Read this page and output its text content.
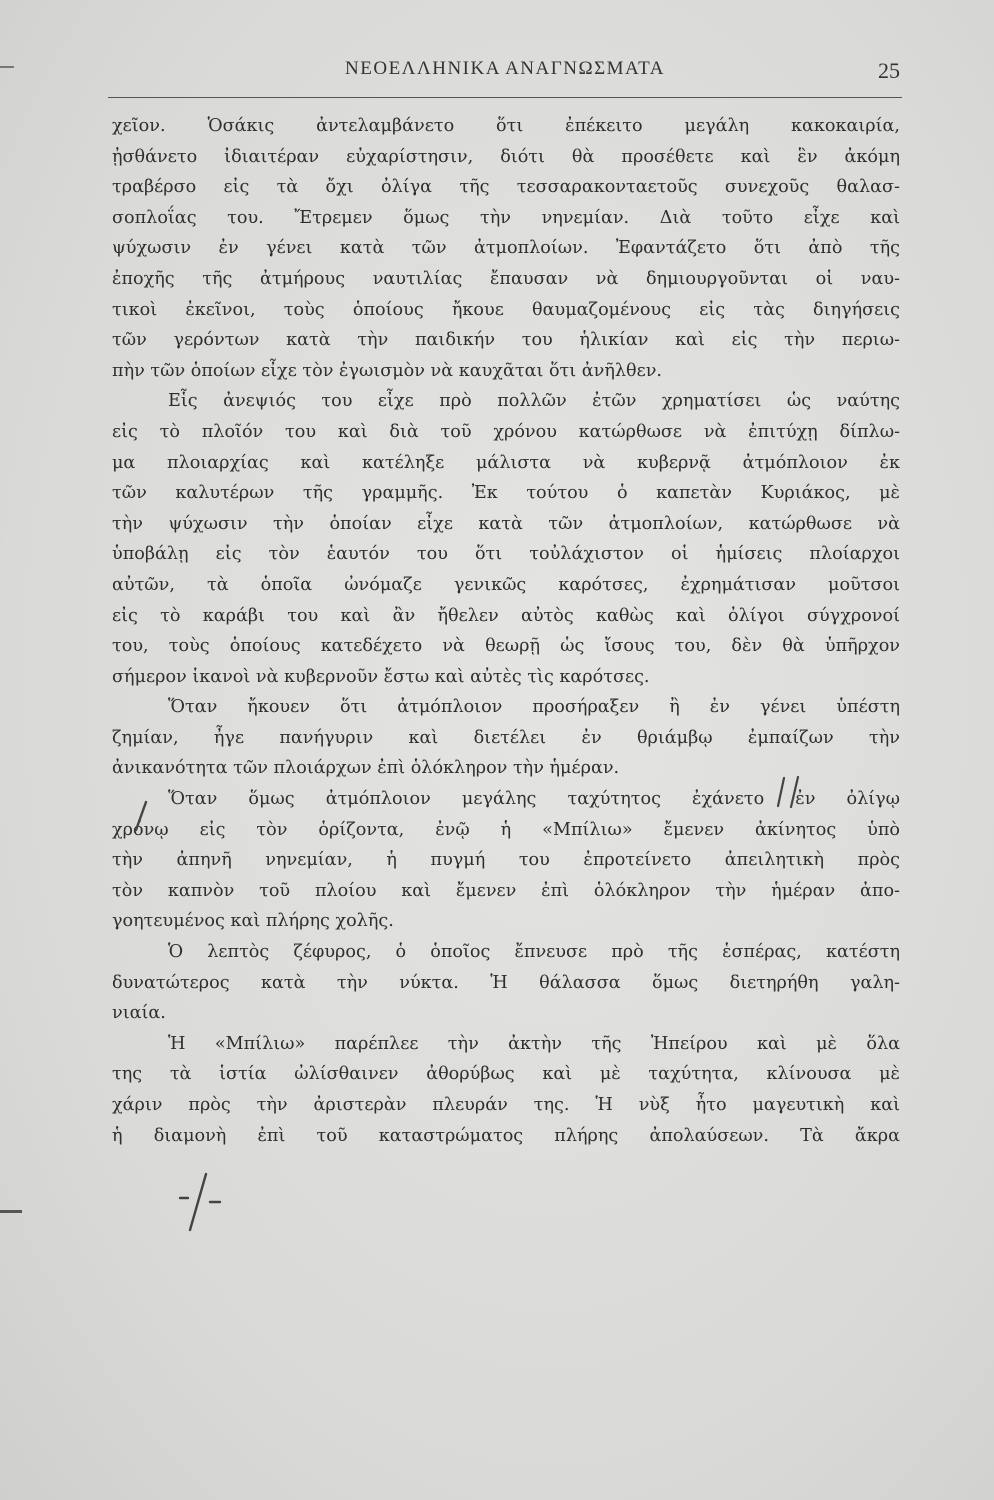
ΝΕΟΕΛΛΗΝΙΚΑ ΑΝΑΓΝΩΣΜΑΤΑ	25
χεῖον. Ὁσάκις ἀντελαμβάνετο ὅτι ἐπέκειτο μεγάλη κακοκαιρία,
ᾐσθάνετο ἰδιαιτέραν εὐχαρίστησιν, διότι θὰ προσέθετε καὶ ἓν ἀκόμη
τραβέρσο εἰς τὰ ὄχι ὀλίγα τῆς τεσσαρακονταετοῦς συνεχοῦς θαλασ-
σοπλοΐας του. Ἔτρεμεν ὅμως τὴν νηνεμίαν. Διὰ τοῦτο εἶχε καὶ
ψύχωσιν ἐν γένει κατὰ τῶν ἀτμοπλοίων. Ἐφαντάζετο ὅτι ἀπὸ τῆς
ἐποχῆς τῆς ἀτμήρους ναυτιλίας ἔπαυσαν νὰ δημιουργοῦνται οἱ ναυ-
τικοὶ ἐκεῖνοι, τοὺς ὁποίους ἤκουε θαυμαζομένους εἰς τὰς διηγήσεις
τῶν γερόντων κατὰ τὴν παιδικήν του ἡλικίαν καὶ εἰς τὴν περιω-
πὴν τῶν ὁποίων εἶχε τὸν ἐγωισμὸν νὰ καυχᾶται ὅτι ἀνῆλθεν.
Εἷς ἀνεψιός του εἶχε πρὸ πολλῶν ἐτῶν χρηματίσει ὡς ναύτης
εἰς τὸ πλοῖόν του καὶ διὰ τοῦ χρόνου κατώρθωσε νὰ ἐπιτύχῃ δίπλω-
μα πλοιαρχίας καὶ κατέληξε μάλιστα νὰ κυβερνᾷ ἀτμόπλοιον ἐκ
τῶν καλυτέρων τῆς γραμμῆς. Ἐκ τούτου ὁ καπετὰν Κυριάκος, μὲ
τὴν ψύχωσιν τὴν ὁποίαν εἶχε κατὰ τῶν ἀτμοπλοίων, κατώρθωσε νὰ
ὑποβάλῃ εἰς τὸν ἑαυτόν του ὅτι τοὐλάχιστον οἱ ἡμίσεις πλοίαρχοι
αὐτῶν, τὰ ὁποῖα ὠνόμαζε γενικῶς καρότσες, ἐχρημάτισαν μοῦτσοι
εἰς τὸ καράβι του καὶ ἂν ἤθελεν αὐτὸς καθὼς καὶ ὀλίγοι σύγχρονοί
του, τοὺς ὁποίους κατεδέχετο νὰ θεωρῇ ὡς ἴσους του, δὲν θὰ ὑπῆρχον
σήμερον ἱκανοὶ νὰ κυβερνοῦν ἔστω καὶ αὐτὲς τὶς καρότσες.
Ὅταν ἤκουεν ὅτι ἀτμόπλοιον προσήραξεν ἢ ἐν γένει ὑπέστη
ζημίαν, ἦγε πανήγυριν καὶ διετέλει ἐν θριάμβῳ ἐμπαίζων τὴν
ἀνικανότητα τῶν πλοιάρχων ἐπὶ ὁλόκληρον τὴν ἡμέραν.
Ὅταν ὅμως ἀτμόπλοιον μεγάλης ταχύτητος ἐχάνετο ἐν ὀλίγῳ
χρόνῳ εἰς τὸν ὁρίζοντα, ἐνῷ ἡ «Μπίλιω» ἔμενεν ἀκίνητος ὑπὸ
τὴν ἀπηνῆ νηνεμίαν, ἡ πυγμή του ἐπροτείνετο ἀπειλητικὴ πρὸς
τὸν καπνὸν τοῦ πλοίου καὶ ἔμενεν ἐπὶ ὁλόκληρον τὴν ἡμέραν ἀπο-
γοητευμένος καὶ πλήρης χολῆς.
Ὁ λεπτὸς ζέφυρος, ὁ ὁποῖος ἔπνευσε πρὸ τῆς ἑσπέρας, κατέστη
δυνατώτερος κατὰ τὴν νύκτα. Ἡ θάλασσα ὅμως διετηρήθη γαλη-
νιαία.
Ἡ «Μπίλιω» παρέπλεε τὴν ἀκτὴν τῆς Ἠπείρου καὶ μὲ ὅλα
της τὰ ἱστία ὠλίσθαινεν ἀθορύβως καὶ μὲ ταχύτητα, κλίνουσα μὲ
χάριν πρὸς τὴν ἀριστερὰν πλευράν της. Ἡ νὺξ ἦτο μαγευτικὴ καὶ
ἡ διαμονὴ ἐπὶ τοῦ καταστρώματος πλήρης ἀπολαύσεων. Τὰ ἄκρα
